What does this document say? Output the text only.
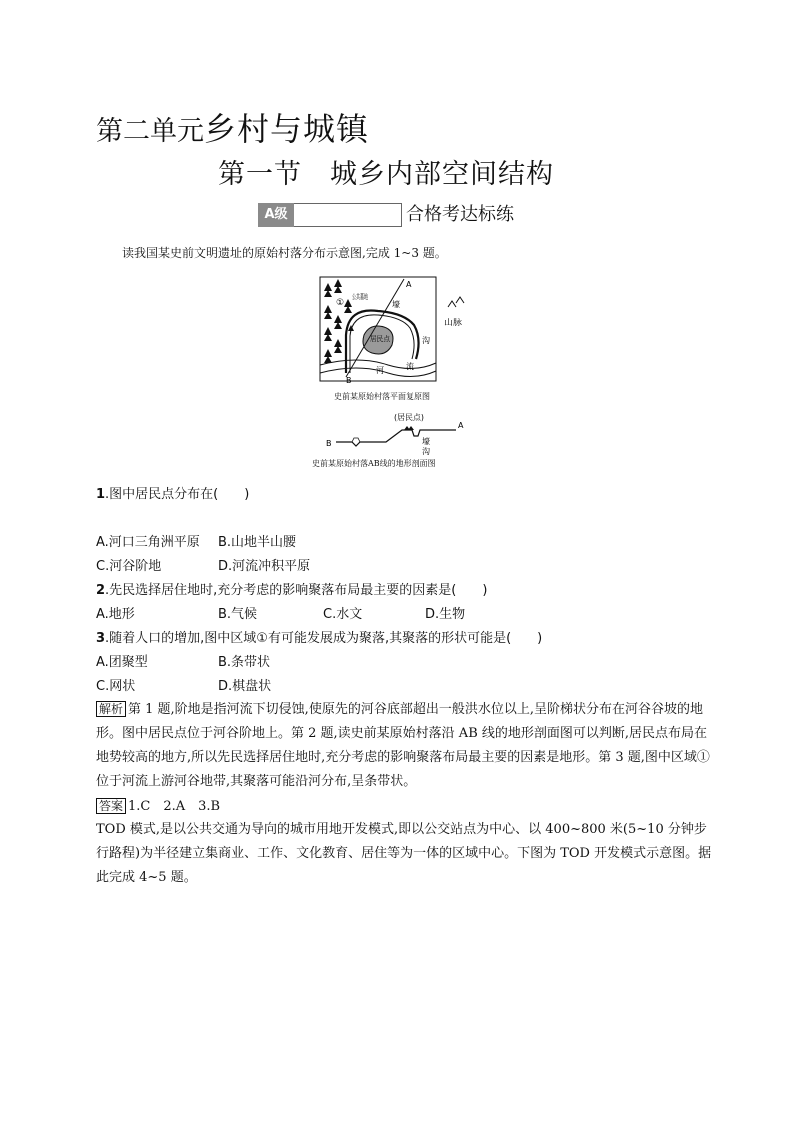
第二单元乡村与城镇
第一节　城乡内部空间结构
A级	合格考达标练
读我国某史前文明遗址的原始村落分布示意图,完成 1~3 题。
A
B
①
公共墓地
壕
沟
居民点
河	流
山脉
史前某原始村落平面复原图
(居民点)
B
A
壕
沟
史前某原始村落AB线的地形剖面图
1.图中居民点分布在(　　)
A.河口三角洲平原 B.山地半山腰
C.河谷阶地	D.河流冲积平原
2.先民选择居住地时,充分考虑的影响聚落布局最主要的因素是(　　)
A.地形	B.气候	C.水文	D.生物
3.随着人口的增加,图中区域①有可能发展成为聚落,其聚落的形状可能是(　　)
A.团聚型	B.条带状
C.网状	D.棋盘状
解析 第 1 题,阶地是指河流下切侵蚀,使原先的河谷底部超出一般洪水位以上,呈阶梯状分布在河谷谷坡的地形。图中居民点位于河谷阶地上。第 2 题,读史前某原始村落沿 AB 线的地形剖面图可以判断,居民点布局在地势较高的地方,所以先民选择居住地时,充分考虑的影响聚落布局最主要的因素是地形。第 3 题,图中区域①位于河流上游河谷地带,其聚落可能沿河分布,呈条带状。
答案 1.C　2.A　3.B
TOD 模式,是以公共交通为导向的城市用地开发模式,即以公交站点为中心、以 400~800 米(5~10 分钟步行路程)为半径建立集商业、工作、文化教育、居住等为一体的区域中心。下图为 TOD 开发模式示意图。据此完成 4~5 题。
